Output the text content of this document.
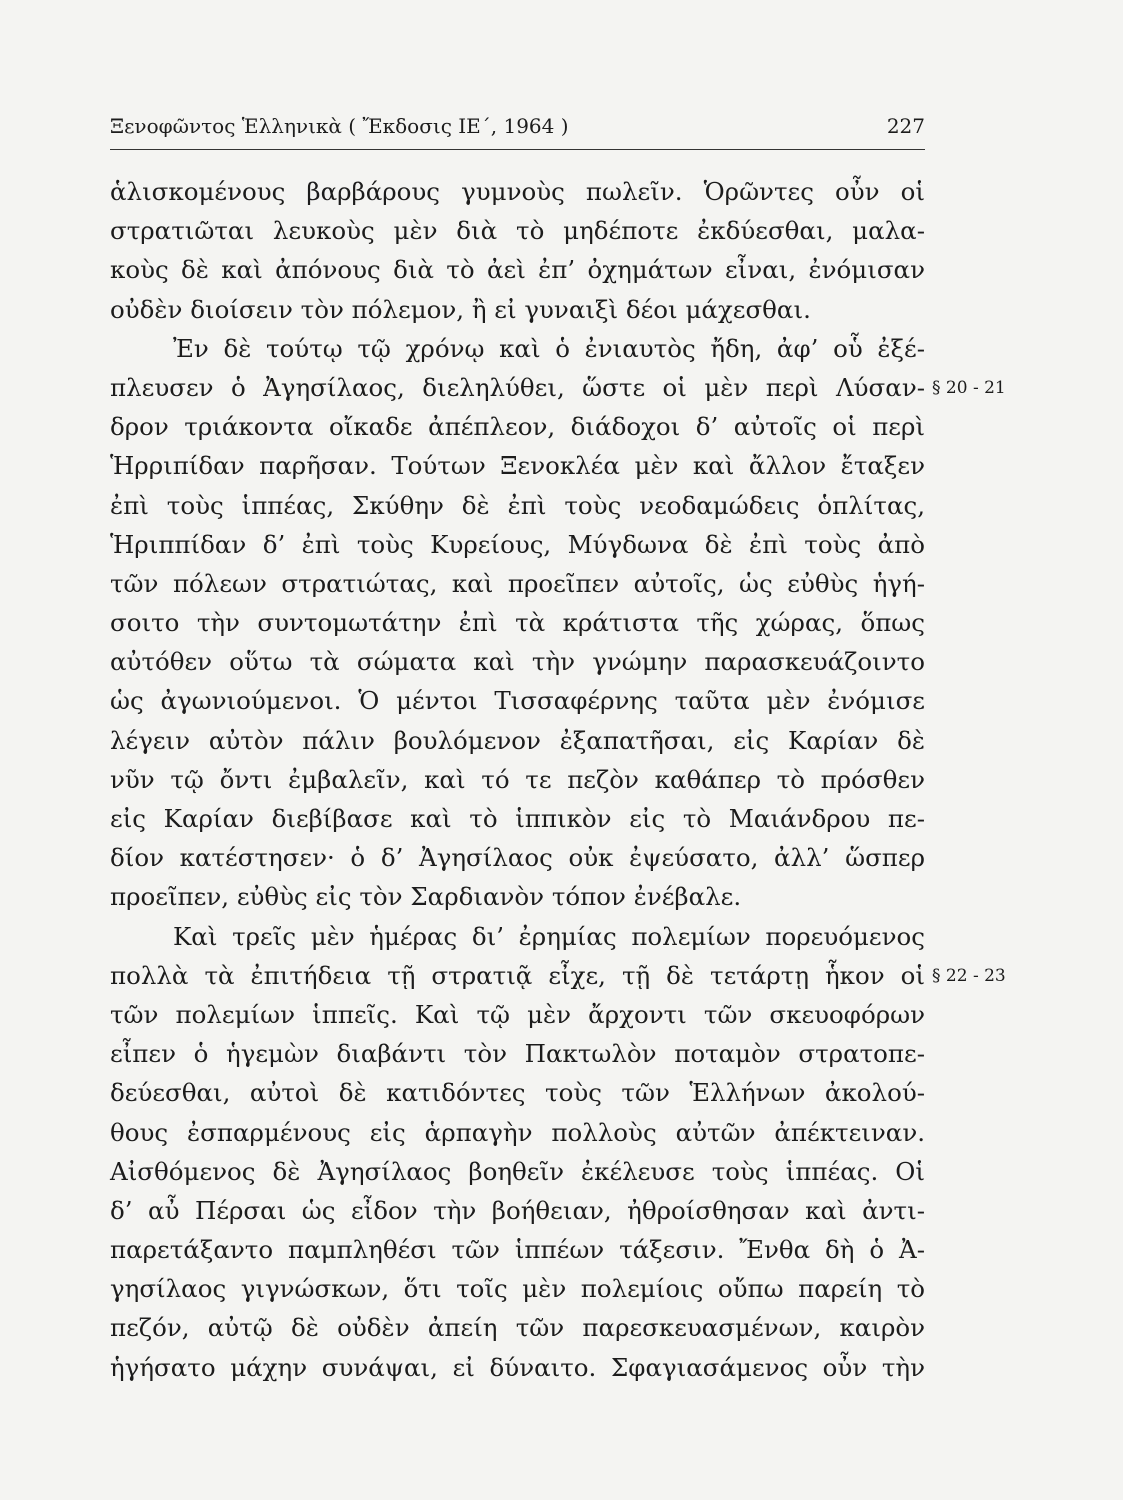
Ξενοφῶντος Ἑλληνικὰ ( Ἔκδοσις ΙΕ΄, 1964 )	227
ἁλισκομένους βαρβάρους γυμνοὺς πωλεῖν. Ὁρῶντες οὖν οἱ
στρατιῶται λευκοὺς μὲν διὰ τὸ μηδέποτε ἐκδύεσθαι, μαλα-
κοὺς δὲ καὶ ἀπόνους διὰ τὸ ἀεὶ ἐπ’ ὀχημάτων εἶναι, ἐνόμισαν
οὐδὲν διοίσειν τὸν πόλεμον, ἢ εἰ γυναιξὶ δέοι μάχεσθαι.
Ἐν δὲ τούτῳ τῷ χρόνῳ καὶ ὁ ἐνιαυτὸς ἤδη, ἀφ’ οὗ ἐξέ-
πλευσεν ὁ Ἀγησίλαος, διεληλύθει, ὥστε οἱ μὲν περὶ Λύσαν-
δρον τριάκοντα οἴκαδε ἀπέπλεον, διάδοχοι δ’ αὐτοῖς οἱ περὶ
Ἡρριπίδαν παρῆσαν. Τούτων Ξενοκλέα μὲν καὶ ἄλλον ἔταξεν
ἐπὶ τοὺς ἱππέας, Σκύθην δὲ ἐπὶ τοὺς νεοδαμώδεις ὁπλίτας,
Ἡριππίδαν δ’ ἐπὶ τοὺς Κυρείους, Μύγδωνα δὲ ἐπὶ τοὺς ἀπὸ
τῶν πόλεων στρατιώτας, καὶ προεῖπεν αὐτοῖς, ὡς εὐθὺς ἡγή-
σοιτο τὴν συντομωτάτην ἐπὶ τὰ κράτιστα τῆς χώρας, ὅπως
αὐτόθεν οὕτω τὰ σώματα καὶ τὴν γνώμην παρασκευάζοιντο
ὡς ἀγωνιούμενοι. Ὁ μέντοι Τισσαφέρνης ταῦτα μὲν ἐνόμισε
λέγειν αὐτὸν πάλιν βουλόμενον ἐξαπατῆσαι, εἰς Καρίαν δὲ
νῦν τῷ ὄντι ἐμβαλεῖν, καὶ τό τε πεζὸν καθάπερ τὸ πρόσθεν
εἰς Καρίαν διεβίβασε καὶ τὸ ἱππικὸν εἰς τὸ Μαιάνδρου πε-
δίον κατέστησεν· ὁ δ’ Ἀγησίλαος οὐκ ἐψεύσατο, ἀλλ’ ὥσπερ
προεῖπεν, εὐθὺς εἰς τὸν Σαρδιανὸν τόπον ἐνέβαλε.
Καὶ τρεῖς μὲν ἡμέρας δι’ ἐρημίας πολεμίων πορευόμενος
πολλὰ τὰ ἐπιτήδεια τῇ στρατιᾷ εἶχε, τῇ δὲ τετάρτῃ ἧκον οἱ
τῶν πολεμίων ἱππεῖς. Καὶ τῷ μὲν ἄρχοντι τῶν σκευοφόρων
εἶπεν ὁ ἡγεμὼν διαβάντι τὸν Πακτωλὸν ποταμὸν στρατοπε-
δεύεσθαι, αὐτοὶ δὲ κατιδόντες τοὺς τῶν Ἑλλήνων ἀκολού-
θους ἐσπαρμένους εἰς ἁρπαγὴν πολλοὺς αὐτῶν ἀπέκτειναν.
Αἰσθόμενος δὲ Ἀγησίλαος βοηθεῖν ἐκέλευσε τοὺς ἱππέας. Οἱ
δ’ αὖ Πέρσαι ὡς εἶδον τὴν βοήθειαν, ἠθροίσθησαν καὶ ἀντι-
παρετάξαντο παμπληθέσι τῶν ἱππέων τάξεσιν. Ἔνθα δὴ ὁ Ἀ-
γησίλαος γιγνώσκων, ὅτι τοῖς μὲν πολεμίοις οὔπω παρείη τὸ
πεζόν, αὐτῷ δὲ οὐδὲν ἀπείη τῶν παρεσκευασμένων, καιρὸν
ἡγήσατο μάχην συνάψαι, εἰ δύναιτο. Σφαγιασάμενος οὖν τὴν
§ 20 - 21
§ 22 - 23
